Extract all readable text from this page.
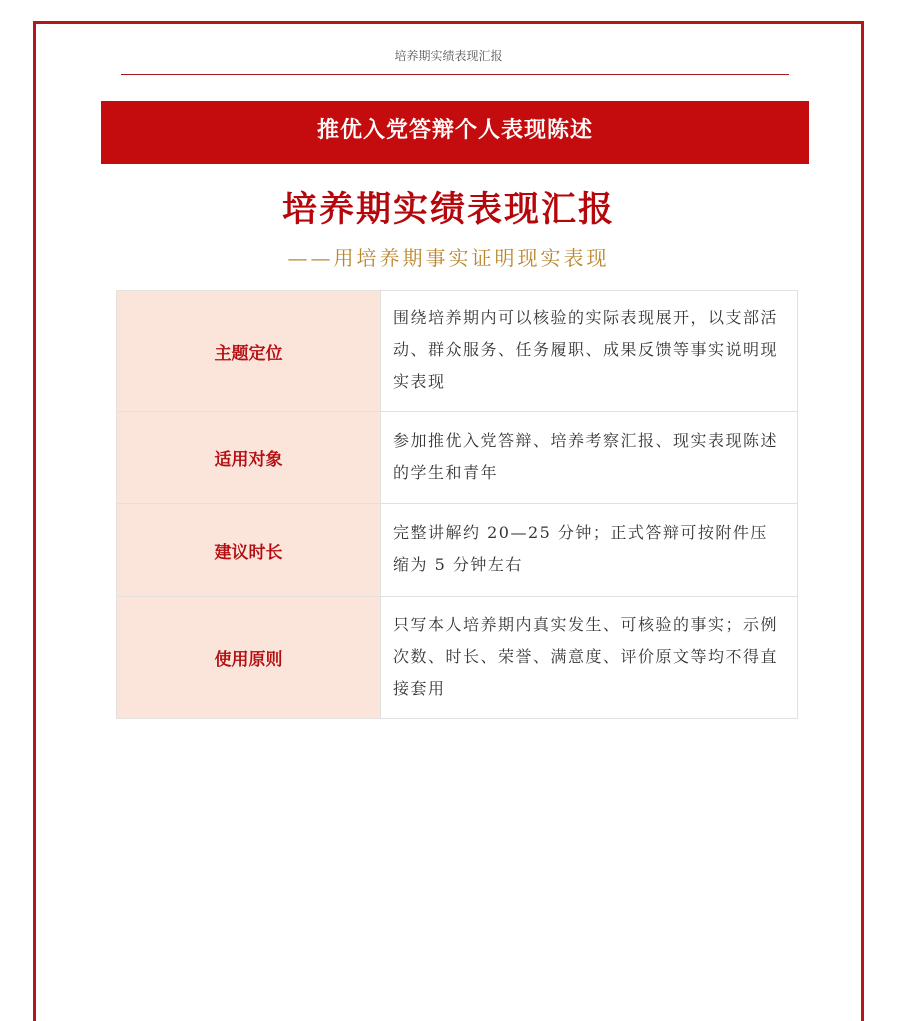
培养期实绩表现汇报
推优入党答辩个人表现陈述
培养期实绩表现汇报
——用培养期事实证明现实表现
主题定位	围绕培养期内可以核验的实际表现展开，以支部活动、群众服务、任务履职、成果反馈等事实说明现实表现
适用对象	参加推优入党答辩、培养考察汇报、现实表现陈述的学生和青年
建议时长	完整讲解约 20—25 分钟；正式答辩可按附件压缩为 5 分钟左右
使用原则	只写本人培养期内真实发生、可核验的事实；示例次数、时长、荣誉、满意度、评价原文等均不得直接套用
